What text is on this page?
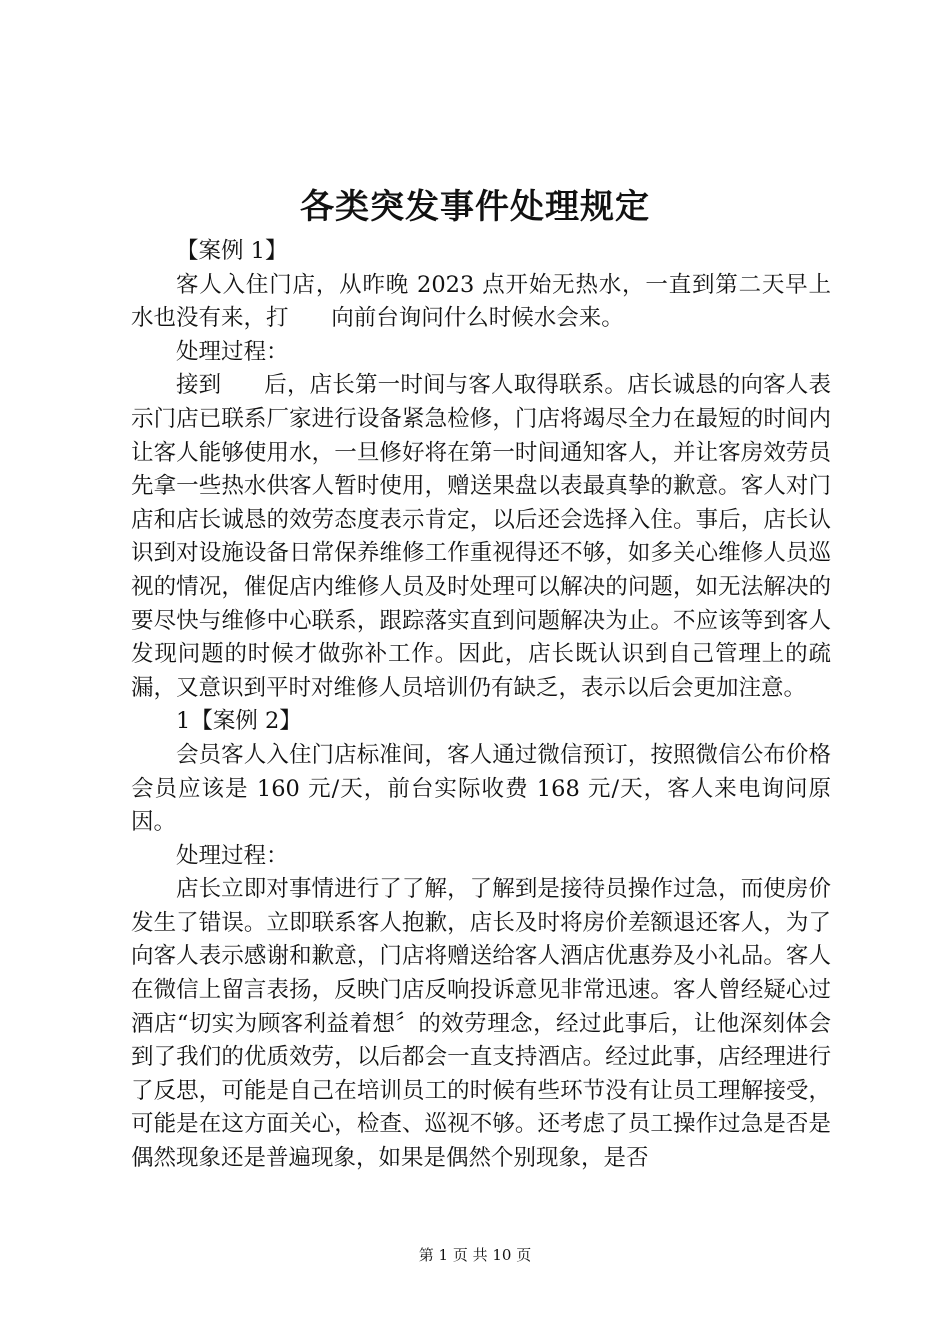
各类突发事件处理规定

【案例 1】

客人入住门店，从昨晚 2023 点开始无热水，一直到第二天早上水也没有来，打 向前台询问什么时候水会来。

处理过程：

接到 后，店长第一时间与客人取得联系。店长诚恳的向客人表示门店已联系厂家进行设备紧急检修，门店将竭尽全力在最短的时间内让客人能够使用水，一旦修好将在第一时间通知客人，并让客房效劳员先拿一些热水供客人暂时使用，赠送果盘以表最真挚的歉意。客人对门店和店长诚恳的效劳态度表示肯定，以后还会选择入住。事后，店长认识到对设施设备日常保养维修工作重视得还不够，如多关心维修人员巡视的情况，催促店内维修人员及时处理可以解决的问题，如无法解决的要尽快与维修中心联系，跟踪落实直到问题解决为止。不应该等到客人发现问题的时候才做弥补工作。因此，店长既认识到自己管理上的疏漏，又意识到平时对维修人员培训仍有缺乏，表示以后会更加注意。

1【案例 2】

会员客人入住门店标准间，客人通过微信预订，按照微信公布价格会员应该是 160 元/天，前台实际收费 168 元/天，客人来电询问原因。

处理过程：

店长立即对事情进行了了解，了解到是接待员操作过急，而使房价发生了错误。立即联系客人抱歉，店长及时将房价差额退还客人，为了向客人表示感谢和歉意，门店将赠送给客人酒店优惠券及小礼品。客人在微信上留言表扬，反映门店反响投诉意见非常迅速。客人曾经疑心过酒店“切实为顾客利益着想〞的效劳理念，经过此事后，让他深刻体会到了我们的优质效劳，以后都会一直支持酒店。经过此事，店经理进行了反思，可能是自己在培训员工的时候有些环节没有让员工理解接受，可能是在这方面关心，检查、巡视不够。还考虑了员工操作过急是否是偶然现象还是普遍现象，如果是偶然个别现象，是否

第 1 页 共 10 页
